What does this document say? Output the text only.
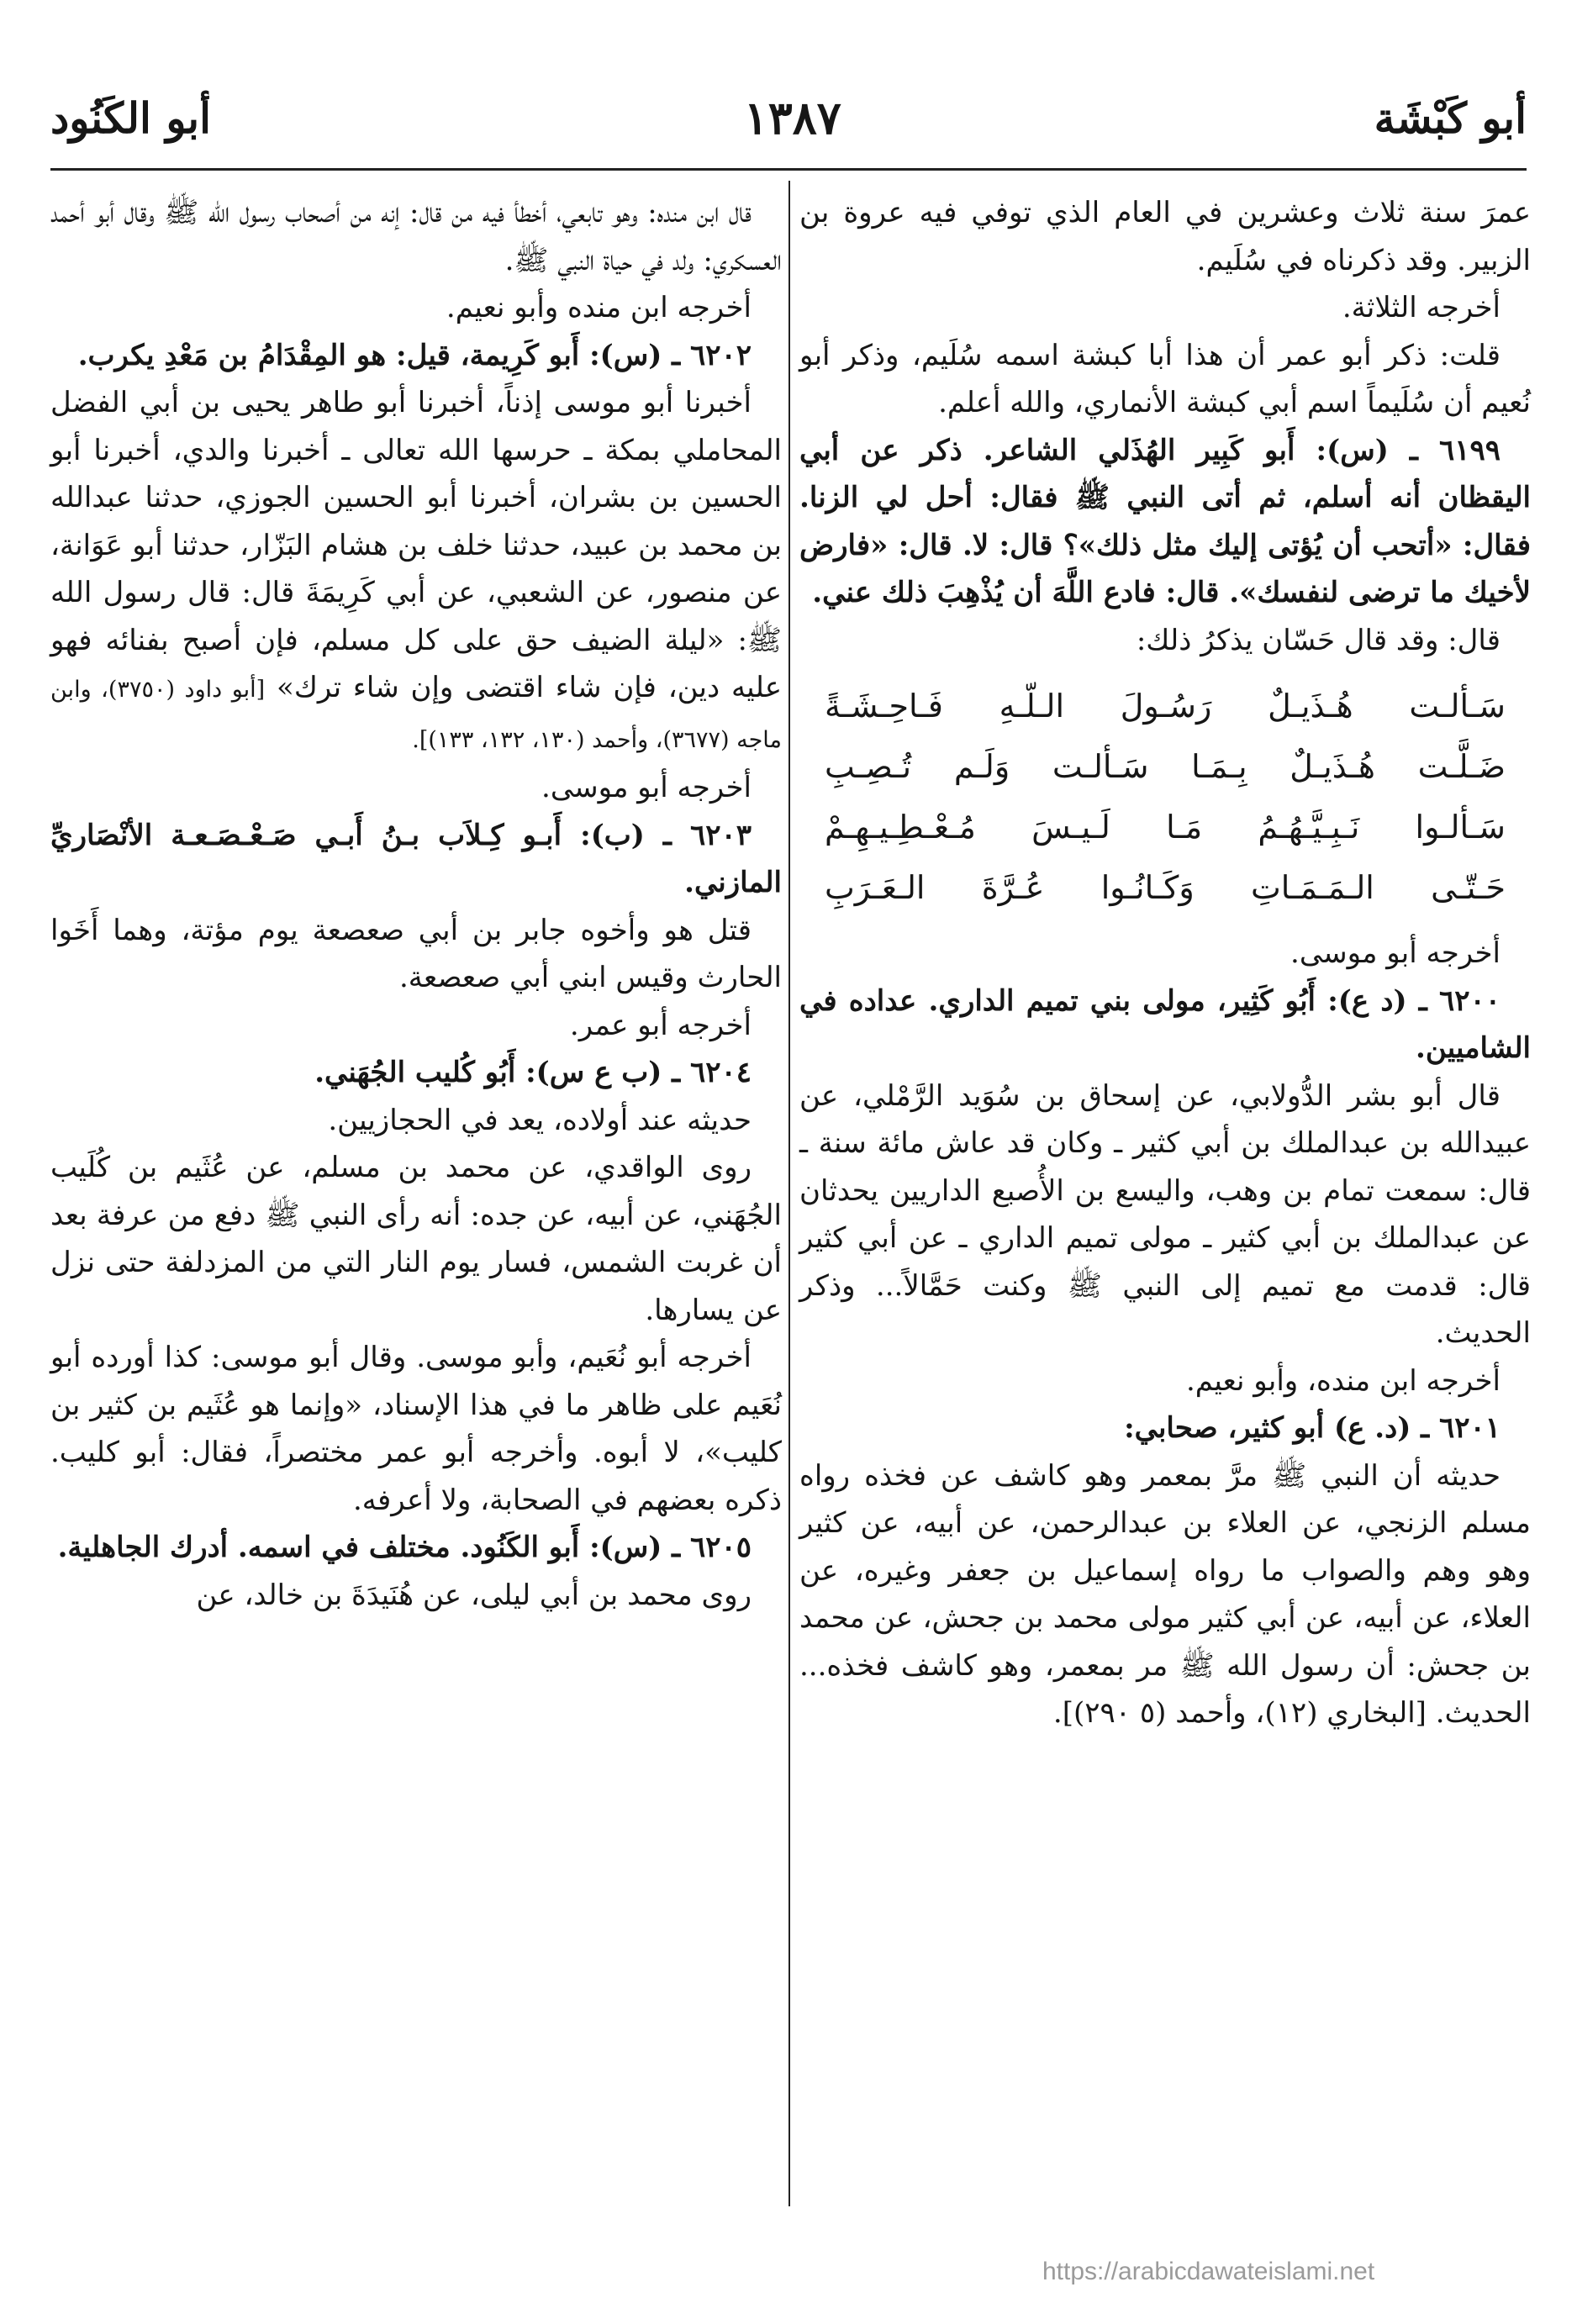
أبو كَبْشَة
١٣٨٧
أبو الكَنُود

عمرَ سنة ثلاث وعشرين في العام الذي توفي فيه عروة بن الزبير. وقد ذكرناه في سُلَيم.

أخرجه الثلاثة.

قلت: ذكر أبو عمر أن هذا أبا كبشة اسمه سُلَيم، وذكر أبو نُعيم أن سُلَيماً اسم أبي كبشة الأنماري، والله أعلم.

٦١٩٩ ـ (س): أَبو كَبِير الهُذَلي الشاعر. ذكر عن أبي اليقظان أنه أسلم، ثم أتى النبي ﷺ فقال: أحل لي الزنا. فقال: «أتحب أن يُؤتى إليك مثل ذلك»؟ قال: لا. قال: «فارض لأخيك ما ترضى لنفسك». قال: فادع اللَّهَ أن يُذْهِبَ ذلك عني.

قال: وقد قال حَسّان يذكرُ ذلك:

سَـألـت هُـذَيـلٌ رَسُـولَ الـلّـهِ فَـاحِـشَـةً
ضَـلَّـت هُـذَيـلٌ بِـمَـا سَـألـت وَلَـم تُـصِـبِ
سَـألـوا نَـبِـيَّـهُـمُ مَـا لَـيـسَ مُـعْـطِـيـهِـمْ
حَـتّـى الـمَـمَـاتِ وَكَـانُـوا عُـرَّةَ الـعَـرَبِ

أخرجه أبو موسى.

٦٢٠٠ ـ (د ع): أَبُو كَثِير، مولى بني تميم الداري. عداده في الشاميين.

قال أبو بشر الدُّولابي، عن إسحاق بن سُوَيد الرَّمْلي، عن عبيدالله بن عبدالملك بن أبي كثير ـ وكان قد عاش مائة سنة ـ قال: سمعت تمام بن وهب، واليسع بن الأُصبع الداريين يحدثان عن عبدالملك بن أبي كثير ـ مولى تميم الداري ـ عن أبي كثير قال: قدمت مع تميم إلى النبي ﷺ وكنت حَمَّالاً... وذكر الحديث.

أخرجه ابن منده، وأبو نعيم.

٦٢٠١ ـ (د. ع) أبو كثير، صحابي:

حديثه أن النبي ﷺ مرَّ بمعمر وهو كاشف عن فخذه رواه مسلم الزنجي، عن العلاء بن عبدالرحمن، عن أبيه، عن كثير وهو وهم والصواب ما رواه إسماعيل بن جعفر وغيره، عن العلاء، عن أبيه، عن أبي كثير مولى محمد بن جحش، عن محمد بن جحش: أن رسول الله ﷺ مر بمعمر، وهو كاشف فخذه... الحديث. [البخاري (١٢)، وأحمد (٥ ٢٩٠)].

قال ابن منده: وهو تابعي، أخطأ فيه من قال: إنه من أصحاب رسول الله ﷺ وقال أبو أحمد العسكري: ولد في حياة النبي ﷺ.

أخرجه ابن منده وأبو نعيم.

٦٢٠٢ ـ (س): أَبو كَرِيمة، قيل: هو المِقْدَامُ بن مَعْدِ يكرب.

أخبرنا أبو موسى إذناً، أخبرنا أبو طاهر يحيى بن أبي الفضل المحاملي بمكة ـ حرسها الله تعالى ـ أخبرنا والدي، أخبرنا أبو الحسين بن بشران، أخبرنا أبو الحسين الجوزي، حدثنا عبدالله بن محمد بن عبيد، حدثنا خلف بن هشام البَزّار، حدثنا أبو عَوَانة، عن منصور، عن الشعبي، عن أبي كَرِيمَةَ قال: قال رسول الله ﷺ: «ليلة الضيف حق على كل مسلم، فإن أصبح بفنائه فهو عليه دين، فإن شاء اقتضى وإن شاء ترك» [أبو داود (٣٧٥٠)، وابن ماجه (٣٦٧٧)، وأحمد (١٣٠، ١٣٢، ١٣٣)].

أخرجه أبو موسى.

٦٢٠٣ ـ (ب): أَبـو كِـلاَب بـنُ أَبـي صَـعْـصَـعـة الأنْصَاريِّ المازني.

قتل هو وأخوه جابر بن أبي صعصعة يوم مؤتة، وهما أَخَوا الحارث وقيس ابني أبي صعصعة.

أخرجه أبو عمر.

٦٢٠٤ ـ (ب ع س): أَبُو كُليب الجُهَني.

حديثه عند أولاده، يعد في الحجازيين.

روى الواقدي، عن محمد بن مسلم، عن عُثَيم بن كُلَيب الجُهَني، عن أبيه، عن جده: أنه رأى النبي ﷺ دفع من عرفة بعد أن غربت الشمس، فسار يوم النار التي من المزدلفة حتى نزل عن يسارها.

أخرجه أبو نُعَيم، وأبو موسى. وقال أبو موسى: كذا أورده أبو نُعَيم على ظاهر ما في هذا الإسناد، «وإنما هو عُثَيم بن كثير بن كليب»، لا أبوه. وأخرجه أبو عمر مختصراً، فقال: أبو كليب. ذكره بعضهم في الصحابة، ولا أعرفه.

٦٢٠٥ ـ (س): أَبو الكَنُود. مختلف في اسمه. أدرك الجاهلية.

روى محمد بن أبي ليلى، عن هُنَيدَةَ بن خالد، عن

https://arabicdawateislami.net
